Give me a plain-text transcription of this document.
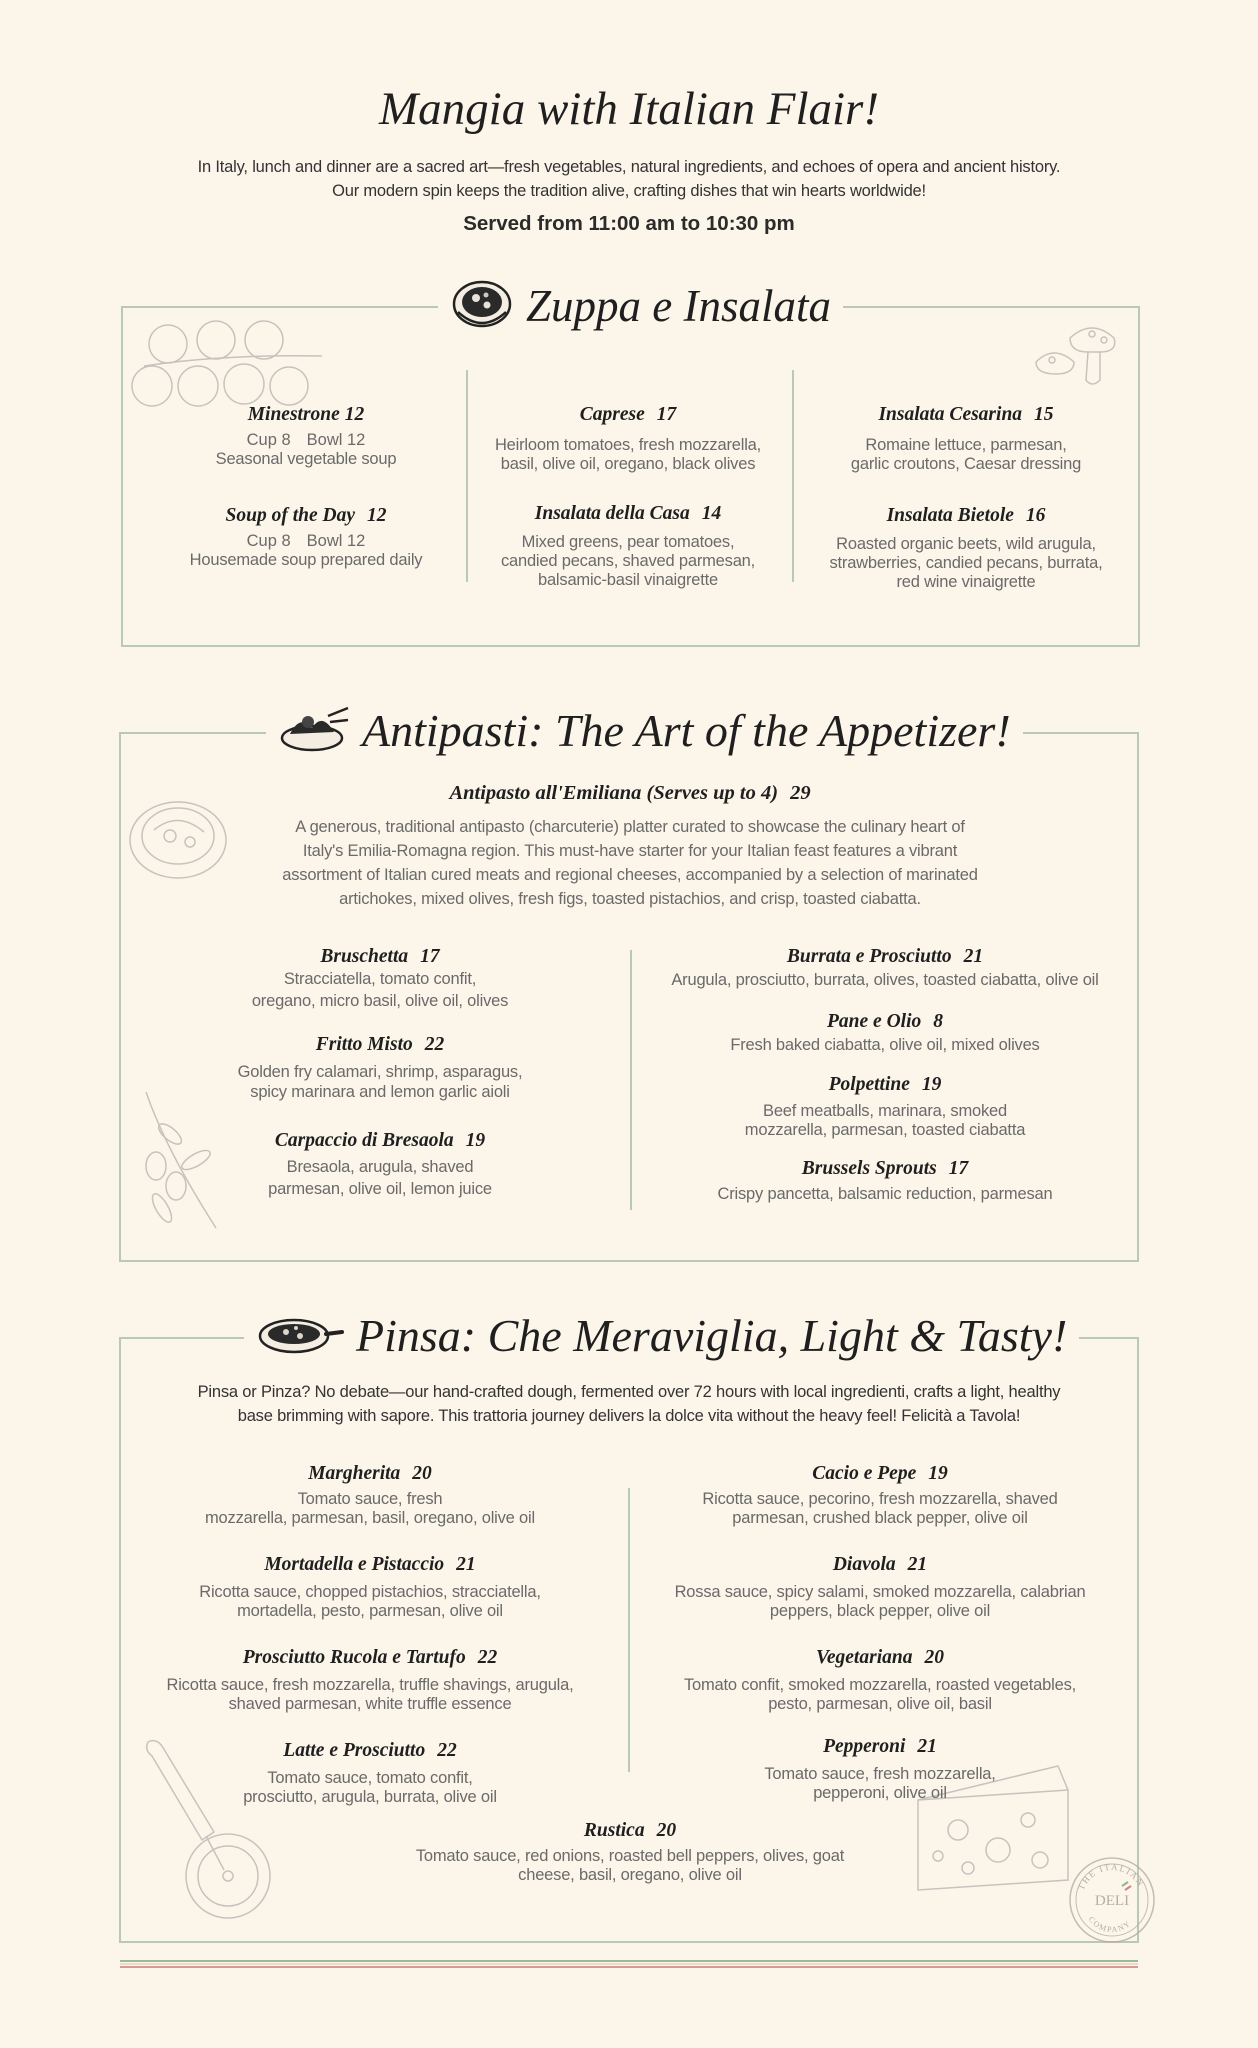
Mangia with Italian Flair!
In Italy, lunch and dinner are a sacred art—fresh vegetables, natural ingredients, and echoes of opera and ancient history.
Our modern spin keeps the tradition alive, crafting dishes that win hearts worldwide!
Served from 11:00 am to 10:30 pm
Zuppa e Insalata
Minestrone 12
Cup 8 Bowl 12
Seasonal vegetable soup
Soup of the Day 12
Cup 8 Bowl 12
Housemade soup prepared daily
Caprese 17
Heirloom tomatoes, fresh mozzarella,
basil, olive oil, oregano, black olives
Insalata della Casa 14
Mixed greens, pear tomatoes,
candied pecans, shaved parmesan,
balsamic-basil vinaigrette
Insalata Cesarina 15
Romaine lettuce, parmesan,
garlic croutons, Caesar dressing
Insalata Bietole 16
Roasted organic beets, wild arugula,
strawberries, candied pecans, burrata,
red wine vinaigrette
Antipasti: The Art of the Appetizer!
Antipasto all'Emiliana (Serves up to 4) 29
A generous, traditional antipasto (charcuterie) platter curated to showcase the culinary heart of
Italy's Emilia-Romagna region. This must-have starter for your Italian feast features a vibrant
assortment of Italian cured meats and regional cheeses, accompanied by a selection of marinated
artichokes, mixed olives, fresh figs, toasted pistachios, and crisp, toasted ciabatta.
Bruschetta 17
Stracciatella, tomato confit,
oregano, micro basil, olive oil, olives
Fritto Misto 22
Golden fry calamari, shrimp, asparagus,
spicy marinara and lemon garlic aioli
Carpaccio di Bresaola 19
Bresaola, arugula, shaved
parmesan, olive oil, lemon juice
Burrata e Prosciutto 21
Arugula, prosciutto, burrata, olives, toasted ciabatta, olive oil
Pane e Olio 8
Fresh baked ciabatta, olive oil, mixed olives
Polpettine 19
Beef meatballs, marinara, smoked
mozzarella, parmesan, toasted ciabatta
Brussels Sprouts 17
Crispy pancetta, balsamic reduction, parmesan
Pinsa: Che Meraviglia, Light & Tasty!
Pinsa or Pinza? No debate—our hand-crafted dough, fermented over 72 hours with local ingredienti, crafts a light, healthy
base brimming with sapore. This trattoria journey delivers la dolce vita without the heavy feel! Felicità a Tavola!
THE ITALIAN
DELI
COMPANY
Margherita 20
Tomato sauce, fresh
mozzarella, parmesan, basil, oregano, olive oil
Mortadella e Pistaccio 21
Ricotta sauce, chopped pistachios, stracciatella,
mortadella, pesto, parmesan, olive oil
Prosciutto Rucola e Tartufo 22
Ricotta sauce, fresh mozzarella, truffle shavings, arugula,
shaved parmesan, white truffle essence
Latte e Prosciutto 22
Tomato sauce, tomato confit,
prosciutto, arugula, burrata, olive oil
Cacio e Pepe 19
Ricotta sauce, pecorino, fresh mozzarella, shaved
parmesan, crushed black pepper, olive oil
Diavola 21
Rossa sauce, spicy salami, smoked mozzarella, calabrian
peppers, black pepper, olive oil
Vegetariana 20
Tomato confit, smoked mozzarella, roasted vegetables,
pesto, parmesan, olive oil, basil
Pepperoni 21
Tomato sauce, fresh mozzarella,
pepperoni, olive oil
Rustica 20
Tomato sauce, red onions, roasted bell peppers, olives, goat
cheese, basil, oregano, olive oil
